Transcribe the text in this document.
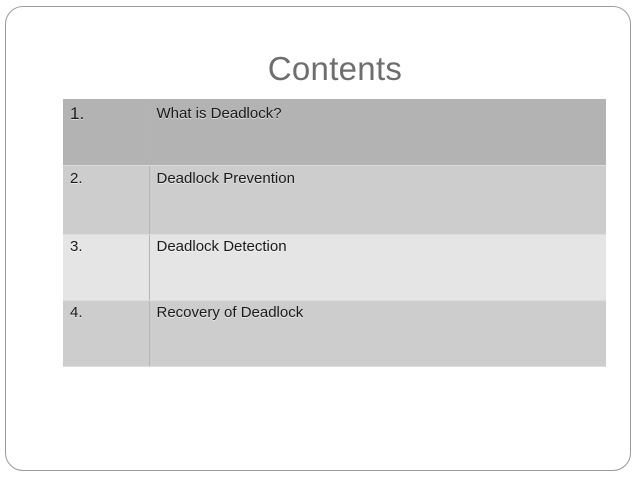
Contents
1.	What is Deadlock?
2.	Deadlock Prevention
3.	Deadlock Detection
4.	Recovery of Deadlock
